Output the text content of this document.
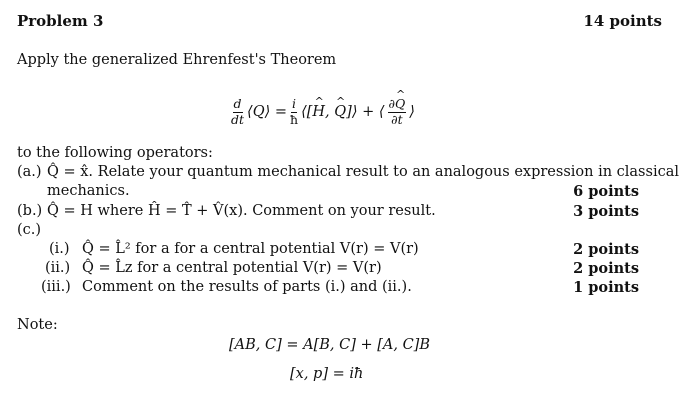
Problem 3	14 points
Apply the generalized Ehrenfest's Theorem
$\frac{d}{dt}$ ⟨Q⟩ = $\frac{i}{ħ}$ ⟨[^ H, ^ Q]⟩ + ⟨ $\frac{\partial\^{} Q}{\partial t}$ ⟩
to the following operators:
(a.) Q̂ = x̂. Relate your quantum mechanical result to an analogous expression in classical
mechanics.	6 points
(b.) Q̂ = H where Ĥ = T̂ + V̂(x). Comment on your result.	3 points
(c.)
(i.) Q̂ = L̂² for a for a central potential V(r) = V(r)	2 points
(ii.) Q̂ = L̂z for a central potential V(r) = V(r)	2 points
(iii.) Comment on the results of parts (i.) and (ii.).	1 points
Note:
[AB, C] = A[B, C] + [A, C]B
[x, p] = iħ
